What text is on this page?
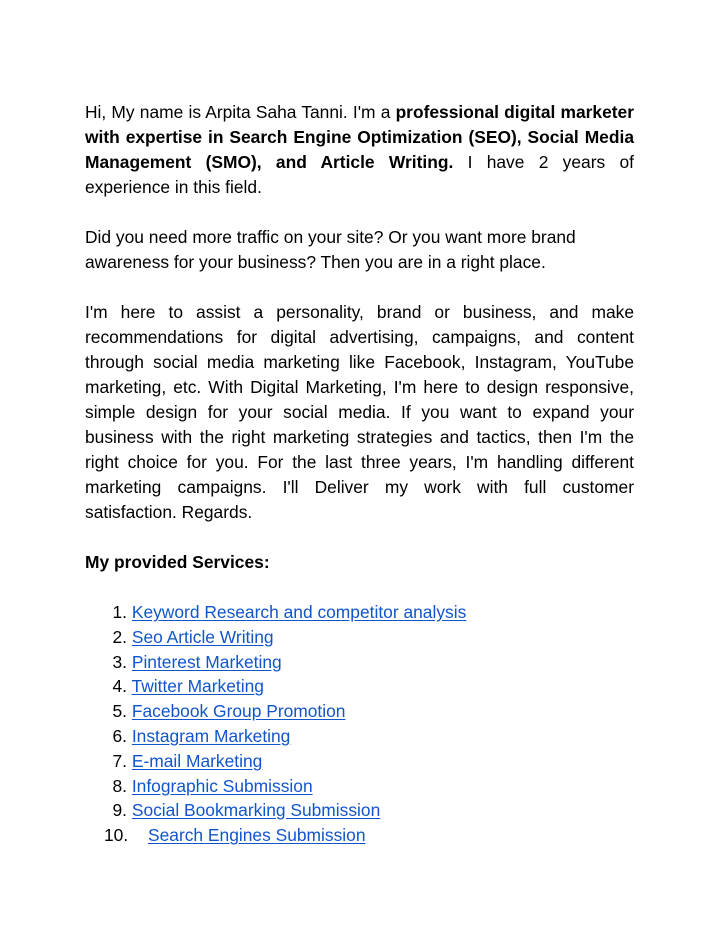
Hi, My name is Arpita Saha Tanni. I'm a professional digital marketer with expertise in Search Engine Optimization (SEO), Social Media Management (SMO), and Article Writing. I have 2 years of experience in this field.

Did you need more traffic on your site? Or you want more brand awareness for your business? Then you are in a right place.

I'm here to assist a personality, brand or business, and make recommendations for digital advertising, campaigns, and content through social media marketing like Facebook, Instagram, YouTube marketing, etc. With Digital Marketing, I'm here to design responsive, simple design for your social media. If you want to expand your business with the right marketing strategies and tactics, then I'm the right choice for you. For the last three years, I'm handling different marketing campaigns. I'll Deliver my work with full customer satisfaction. Regards.

My provided Services:
1. Keyword Research and competitor analysis
2. Seo Article Writing
3. Pinterest Marketing
4. Twitter Marketing
5. Facebook Group Promotion
6. Instagram Marketing
7. E-mail Marketing
8. Infographic Submission
9. Social Bookmarking Submission
10. Search Engines Submission
